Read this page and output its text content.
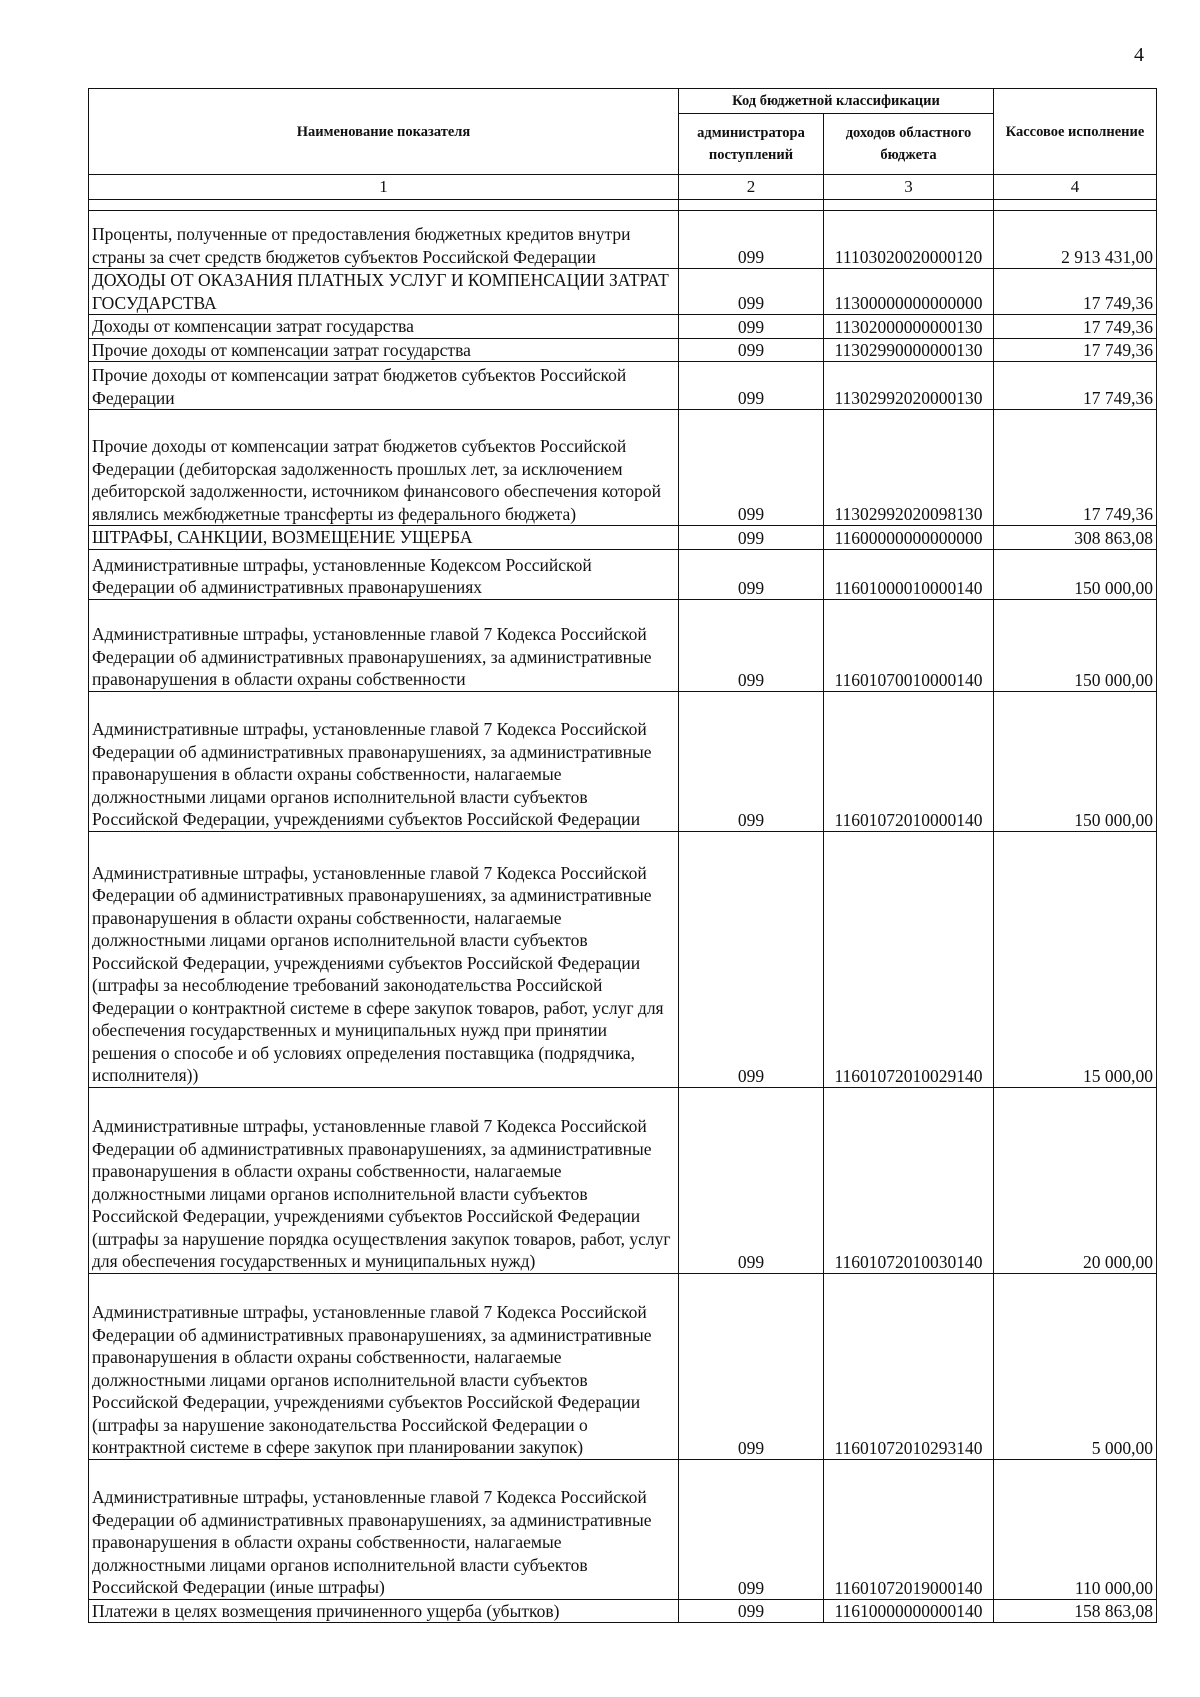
4
Наименование показателя	Код бюджетной классификации		Кассовое исполнение
	администратора поступлений	доходов областного бюджета	
1	2	3	4

Проценты, полученные от предоставления бюджетных кредитов внутри страны за счет средств бюджетов субъектов Российской Федерации	099	11103020020000120	2 913 431,00
ДОХОДЫ ОТ ОКАЗАНИЯ ПЛАТНЫХ УСЛУГ И КОМПЕНСАЦИИ ЗАТРАТ ГОСУДАРСТВА	099	11300000000000000	17 749,36
Доходы от компенсации затрат государства	099	11302000000000130	17 749,36
Прочие доходы от компенсации затрат государства	099	11302990000000130	17 749,36
Прочие доходы от компенсации затрат бюджетов субъектов Российской Федерации	099	11302992020000130	17 749,36
Прочие доходы от компенсации затрат бюджетов субъектов Российской Федерации (дебиторская задолженность прошлых лет, за исключением дебиторской задолженности, источником финансового обеспечения которой являлись межбюджетные трансферты из федерального бюджета)	099	11302992020098130	17 749,36
ШТРАФЫ, САНКЦИИ, ВОЗМЕЩЕНИЕ УЩЕРБА	099	11600000000000000	308 863,08
Административные штрафы, установленные Кодексом Российской Федерации об административных правонарушениях	099	11601000010000140	150 000,00
Административные штрафы, установленные главой 7 Кодекса Российской Федерации об административных правонарушениях, за административные правонарушения в области охраны собственности	099	11601070010000140	150 000,00
Административные штрафы, установленные главой 7 Кодекса Российской Федерации об административных правонарушениях, за административные правонарушения в области охраны собственности, налагаемые должностными лицами органов исполнительной власти субъектов Российской Федерации, учреждениями субъектов Российской Федерации	099	11601072010000140	150 000,00
Административные штрафы, установленные главой 7 Кодекса Российской Федерации об административных правонарушениях, за административные правонарушения в области охраны собственности, налагаемые должностными лицами органов исполнительной власти субъектов Российской Федерации, учреждениями субъектов Российской Федерации (штрафы за несоблюдение требований законодательства Российской Федерации о контрактной системе в сфере закупок товаров, работ, услуг для обеспечения государственных и муниципальных нужд при принятии решения о способе и об условиях определения поставщика (подрядчика, исполнителя))	099	11601072010029140	15 000,00
Административные штрафы, установленные главой 7 Кодекса Российской Федерации об административных правонарушениях, за административные правонарушения в области охраны собственности, налагаемые должностными лицами органов исполнительной власти субъектов Российской Федерации, учреждениями субъектов Российской Федерации (штрафы за нарушение порядка осуществления закупок товаров, работ, услуг для обеспечения государственных и муниципальных нужд)	099	11601072010030140	20 000,00
Административные штрафы, установленные главой 7 Кодекса Российской Федерации об административных правонарушениях, за административные правонарушения в области охраны собственности, налагаемые должностными лицами органов исполнительной власти субъектов Российской Федерации, учреждениями субъектов Российской Федерации (штрафы за нарушение законодательства Российской Федерации о контрактной системе в сфере закупок при планировании закупок)	099	11601072010293140	5 000,00
Административные штрафы, установленные главой 7 Кодекса Российской Федерации об административных правонарушениях, за административные правонарушения в области охраны собственности, налагаемые должностными лицами органов исполнительной власти субъектов Российской Федерации (иные штрафы)	099	11601072019000140	110 000,00
Платежи в целях возмещения причиненного ущерба (убытков)	099	11610000000000140	158 863,08
